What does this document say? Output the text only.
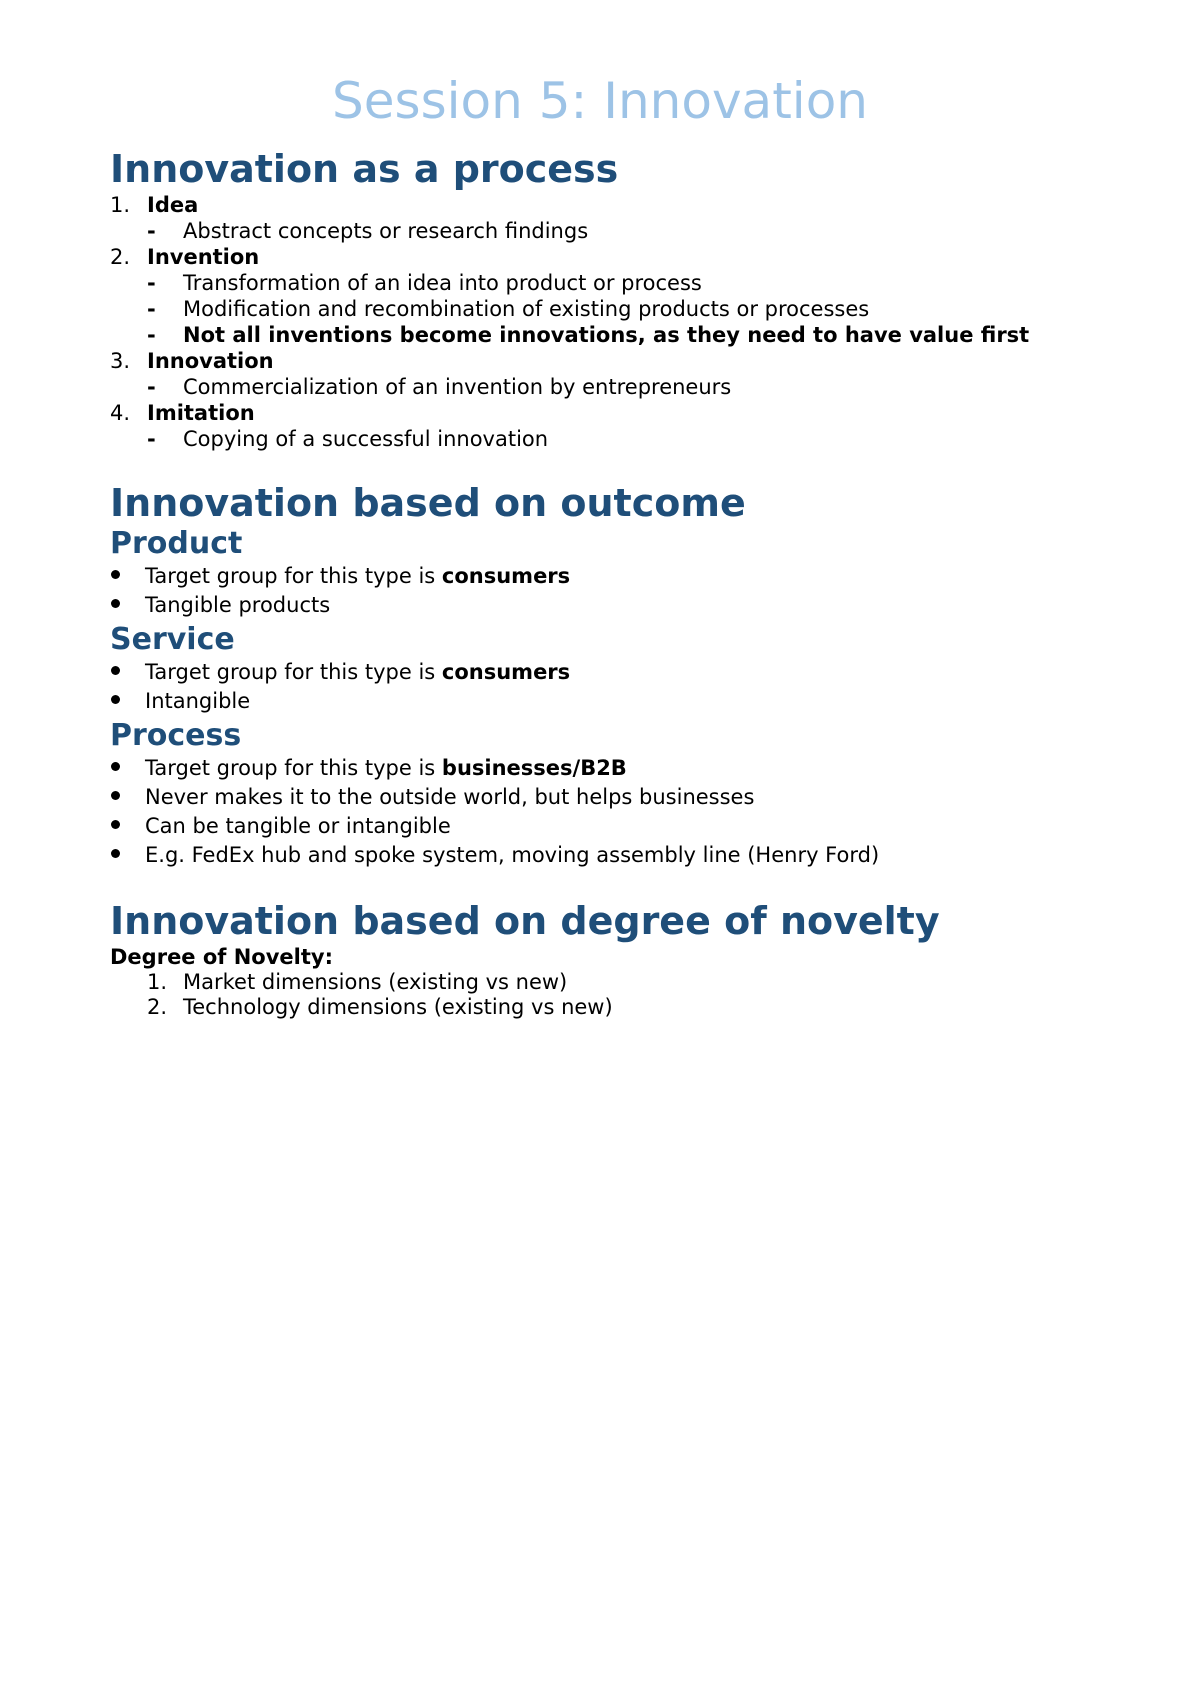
Session 5: Innovation
Innovation as a process
1. Idea
- Abstract concepts or research findings
2. Invention
- Transformation of an idea into product or process
- Modification and recombination of existing products or processes
- Not all inventions become innovations, as they need to have value first
3. Innovation
- Commercialization of an invention by entrepreneurs
4. Imitation
- Copying of a successful innovation
Innovation based on outcome
Product
Target group for this type is consumers
Tangible products
Service
Target group for this type is consumers
Intangible
Process
Target group for this type is businesses/B2B
Never makes it to the outside world, but helps businesses
Can be tangible or intangible
E.g. FedEx hub and spoke system, moving assembly line (Henry Ford)
Innovation based on degree of novelty
Degree of Novelty:
1. Market dimensions (existing vs new)
2. Technology dimensions (existing vs new)
